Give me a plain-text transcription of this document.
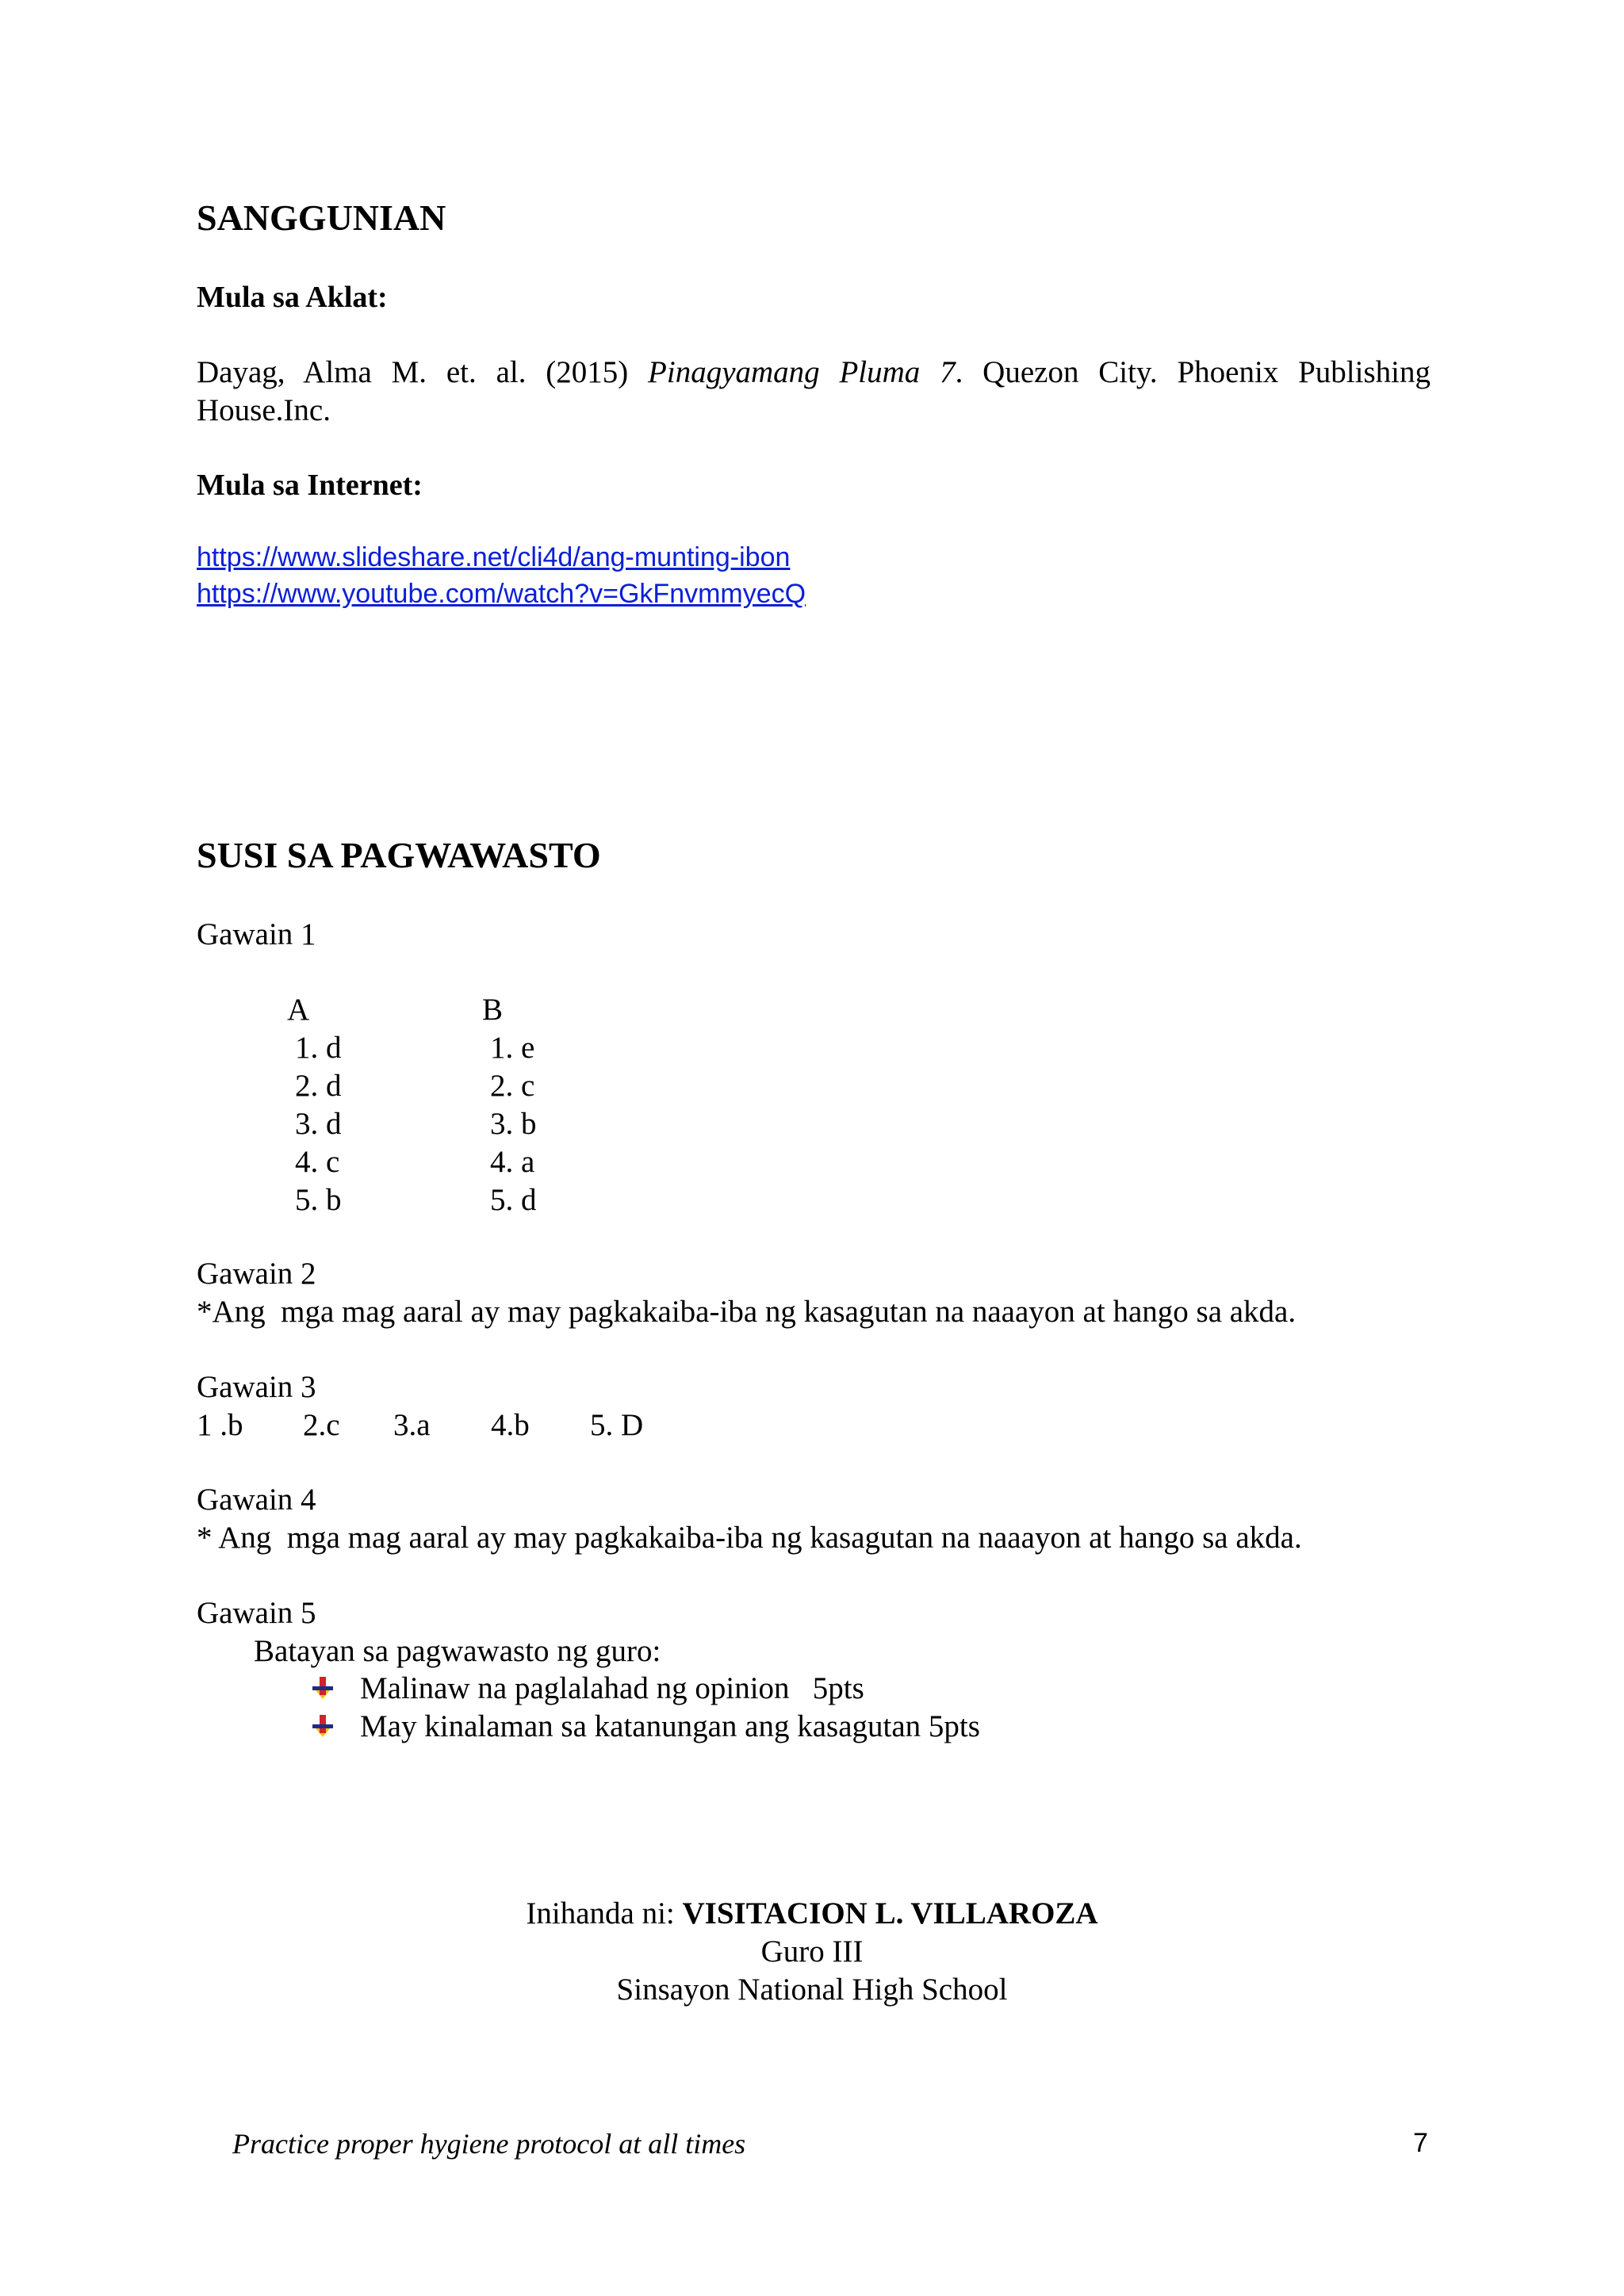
SANGGUNIAN
Mula sa Aklat:
Dayag, Alma M. et. al. (2015) Pinagyamang Pluma 7. Quezon City. Phoenix Publishing
House.Inc.
Mula sa Internet:
https://www.slideshare.net/cli4d/ang-munting-ibon
https://www.youtube.com/watch?v=GkFnvmmyecQ
SUSI SA PAGWAWASTO
Gawain 1
A	B
1. d
2. d
3. d
4. c
5. b
1. e
2. c
3. b
4. a
5. d
Gawain 2
*Ang  mga mag aaral ay may pagkakaiba-iba ng kasagutan na naaayon at hango sa akda.
Gawain 3
1 .b 2.c 3.a 4.b 5. D
Gawain 4
* Ang  mga mag aaral ay may pagkakaiba-iba ng kasagutan na naaayon at hango sa akda.
Gawain 5
Batayan sa pagwawasto ng guro:
Malinaw na paglalahad ng opinion   5pts
May kinalaman sa katanungan ang kasagutan 5pts
Inihanda ni: VISITACION L. VILLAROZA
Guro III
Sinsayon National High School
Practice proper hygiene protocol at all times	7
